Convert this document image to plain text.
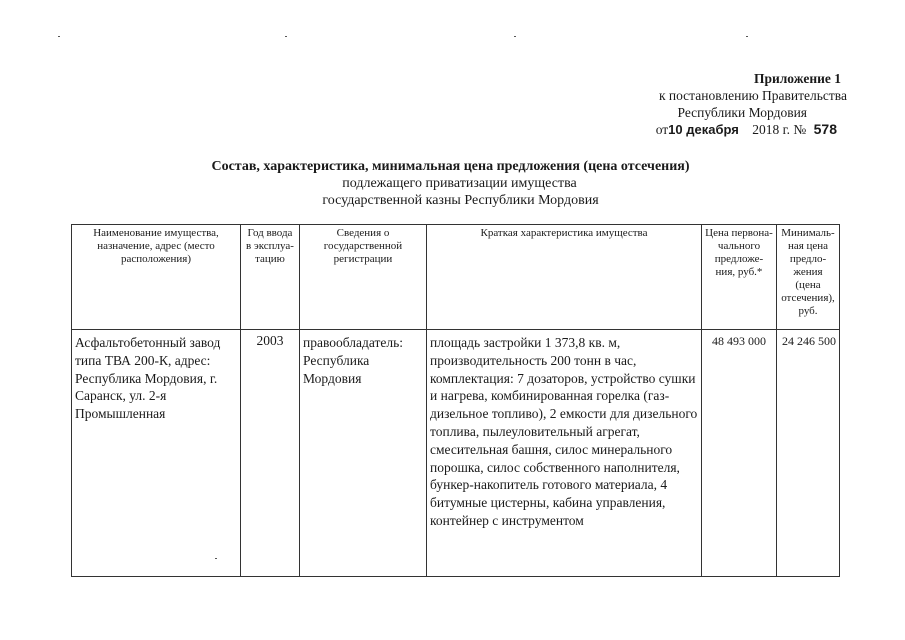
Приложение 1
к постановлению Правительства
Республики Мордовия
от10 декабря 2018 г. № 578
Состав, характеристика, минимальная цена предложения (цена отсечения)
подлежащего приватизации имущества
государственной казны Республики Мордовия
Наименование имущества, назначение, адрес (место расположения)	Год ввода в эксплуа-тацию	Сведения о государственной регистрации	Краткая характеристика имущества	Цена первона-чального предложе-ния, руб.*	Минималь-ная цена предло-жения (цена отсечения), руб.
Асфальтобетонный завод типа ТВА 200-К, адрес: Республика Мордовия, г. Саранск, ул. 2-я Промышленная	2003	правообладатель: Республика Мордовия	площадь застройки 1 373,8 кв. м, производительность 200 тонн в час, комплектация: 7 дозаторов, устройство сушки и нагрева, комбинированная горелка (газ-дизельное топливо), 2 емкости для дизельного топлива, пылеуловительный агрегат, смесительная башня, силос минерального порошка, силос собственного наполнителя, бункер-накопитель готового материала, 4 битумные цистерны, кабина управления, контейнер с инструментом	48 493 000	24 246 500
